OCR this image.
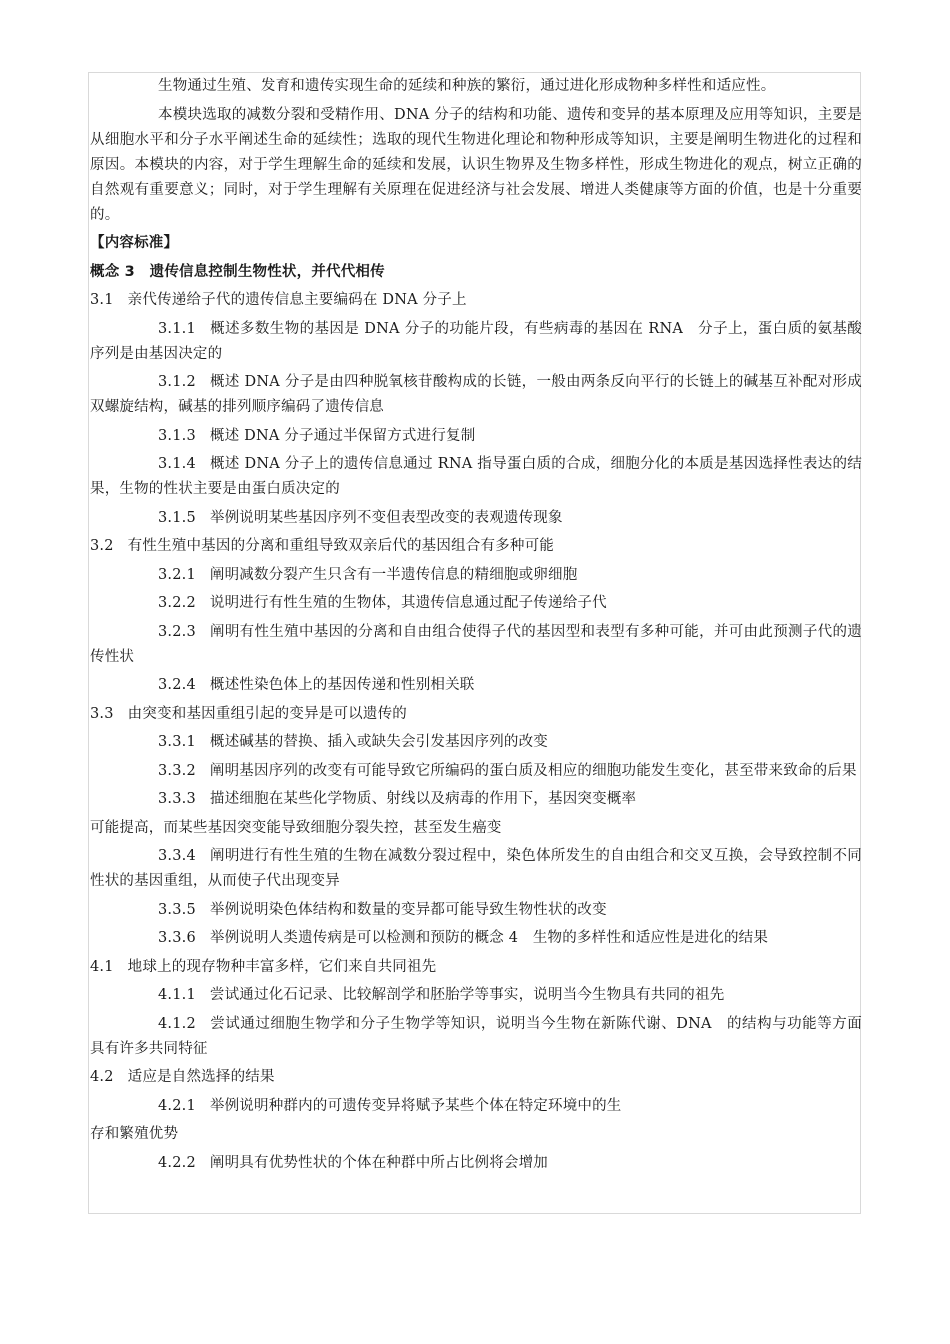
生物通过生殖、发育和遗传实现生命的延续和种族的繁衍，通过进化形成物种多样性和适应性。

本模块选取的减数分裂和受精作用、DNA 分子的结构和功能、遗传和变异的基本原理及应用等知识，主要是从细胞水平和分子水平阐述生命的延续性；选取的现代生物进化理论和物种形成等知识，主要是阐明生物进化的过程和原因。本模块的内容，对于学生理解生命的延续和发展，认识生物界及生物多样性，形成生物进化的观点，树立正确的自然观有重要意义；同时，对于学生理解有关原理在促进经济与社会发展、增进人类健康等方面的价值，也是十分重要的。

【内容标准】

概念 3　遗传信息控制生物性状，并代代相传

3.1 亲代传递给子代的遗传信息主要编码在 DNA 分子上

3.1.1 概述多数生物的基因是 DNA 分子的功能片段，有些病毒的基因在 RNA　分子上，蛋白质的氨基酸序列是由基因决定的

3.1.2 概述 DNA 分子是由四种脱氧核苷酸构成的长链，一般由两条反向平行的长链上的碱基互补配对形成双螺旋结构，碱基的排列顺序编码了遗传信息

3.1.3 概述 DNA 分子通过半保留方式进行复制

3.1.4 概述 DNA 分子上的遗传信息通过 RNA 指导蛋白质的合成，细胞分化的本质是基因选择性表达的结果，生物的性状主要是由蛋白质决定的

3.1.5 举例说明某些基因序列不变但表型改变的表观遗传现象

3.2 有性生殖中基因的分离和重组导致双亲后代的基因组合有多种可能

3.2.1 阐明减数分裂产生只含有一半遗传信息的精细胞或卵细胞

3.2.2 说明进行有性生殖的生物体，其遗传信息通过配子传递给子代

3.2.3 阐明有性生殖中基因的分离和自由组合使得子代的基因型和表型有多种可能，并可由此预测子代的遗传性状

3.2.4 概述性染色体上的基因传递和性别相关联

3.3 由突变和基因重组引起的变异是可以遗传的

3.3.1 概述碱基的替换、插入或缺失会引发基因序列的改变

3.3.2 阐明基因序列的改变有可能导致它所编码的蛋白质及相应的细胞功能发生变化，甚至带来致命的后果

3.3.3 描述细胞在某些化学物质、射线以及病毒的作用下，基因突变概率

可能提高，而某些基因突变能导致细胞分裂失控，甚至发生癌变

3.3.4 阐明进行有性生殖的生物在减数分裂过程中，染色体所发生的自由组合和交叉互换，会导致控制不同性状的基因重组，从而使子代出现变异

3.3.5 举例说明染色体结构和数量的变异都可能导致生物性状的改变

3.3.6 举例说明人类遗传病是可以检测和预防的概念 4　生物的多样性和适应性是进化的结果

4.1 地球上的现存物种丰富多样，它们来自共同祖先

4.1.1 尝试通过化石记录、比较解剖学和胚胎学等事实，说明当今生物具有共同的祖先

4.1.2 尝试通过细胞生物学和分子生物学等知识，说明当今生物在新陈代谢、DNA　的结构与功能等方面具有许多共同特征

4.2 适应是自然选择的结果

4.2.1 举例说明种群内的可遗传变异将赋予某些个体在特定环境中的生

存和繁殖优势

4.2.2 阐明具有优势性状的个体在种群中所占比例将会增加
